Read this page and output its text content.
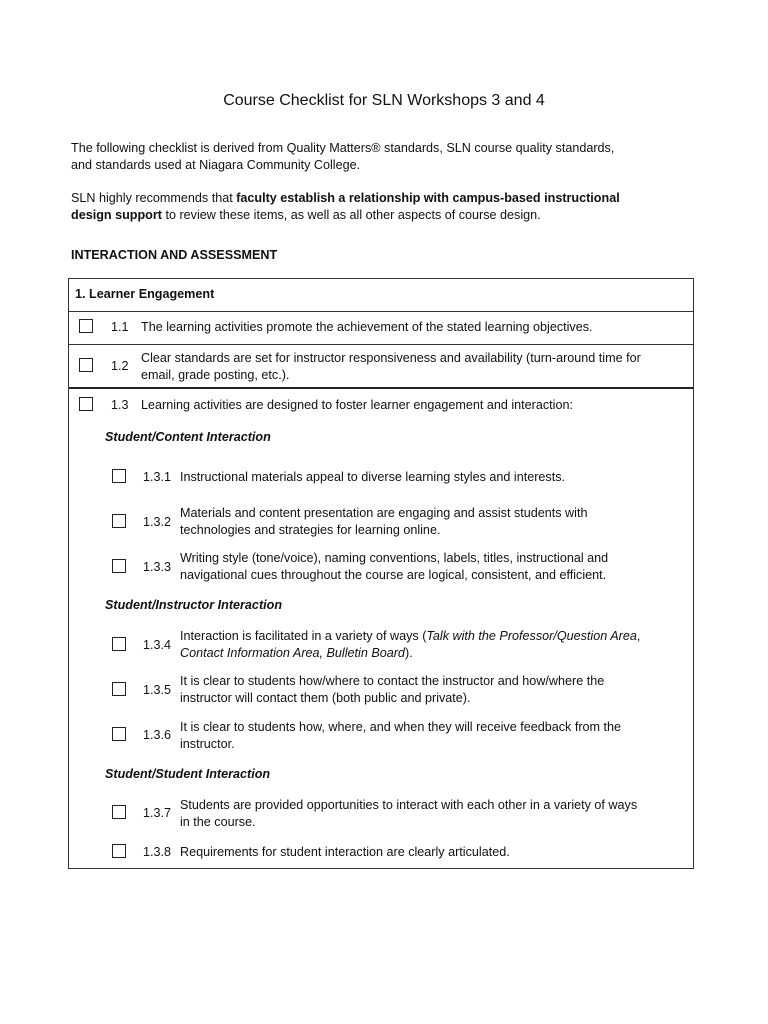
Course Checklist for SLN Workshops 3 and 4
The following checklist is derived from Quality Matters® standards, SLN course quality standards,
and standards used at Niagara Community College.
SLN highly recommends that faculty establish a relationship with campus-based instructional
design support to review these items, as well as all other aspects of course design.
INTERACTION AND ASSESSMENT
1. Learner Engagement
1.1 The learning activities promote the achievement of the stated learning objectives.
1.2
Clear standards are set for instructor responsiveness and availability (turn-around time for
email, grade posting, etc.).
1.3 Learning activities are designed to foster learner engagement and interaction:
Student/Content Interaction
1.3.1 Instructional materials appeal to diverse learning styles and interests.
1.3.2
Materials and content presentation are engaging and assist students with
technologies and strategies for learning online.
1.3.3
Writing style (tone/voice), naming conventions, labels, titles, instructional and
navigational cues throughout the course are logical, consistent, and efficient.
Student/Instructor Interaction
1.3.4
Interaction is facilitated in a variety of ways (Talk with the Professor/Question Area,
Contact Information Area, Bulletin Board).
1.3.5
It is clear to students how/where to contact the instructor and how/where the
instructor will contact them (both public and private).
1.3.6
It is clear to students how, where, and when they will receive feedback from the
instructor.
Student/Student Interaction
1.3.7
Students are provided opportunities to interact with each other in a variety of ways
in the course.
1.3.8 Requirements for student interaction are clearly articulated.
